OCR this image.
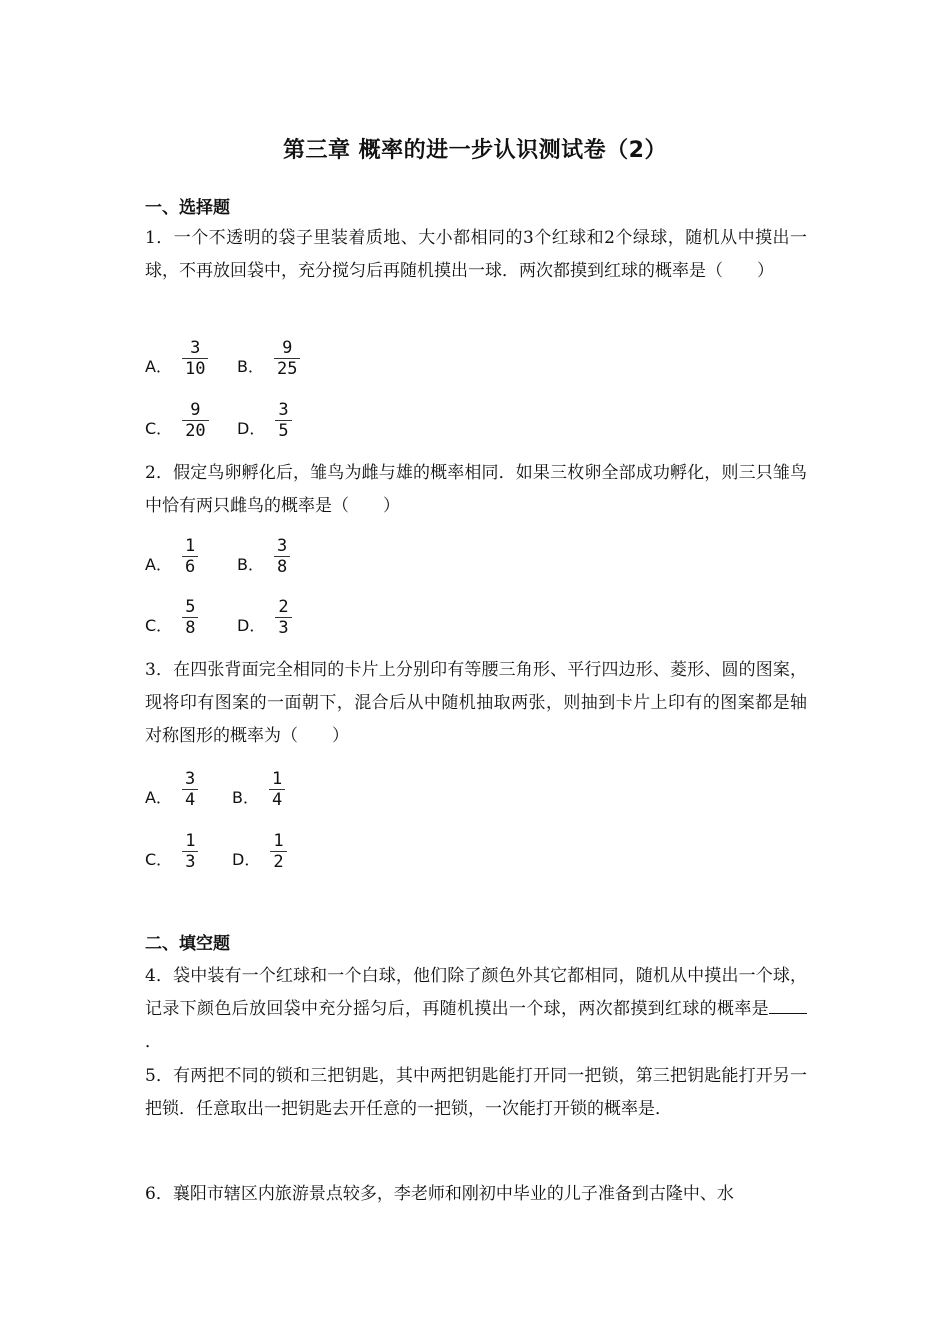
第三章 概率的进一步认识测试卷（2）
一、选择题
1．一个不透明的袋子里装着质地、大小都相同的3个红球和2个绿球，随机从中摸出一球，不再放回袋中，充分搅匀后再随机摸出一球．两次都摸到红球的概率是（　　）
A． $\frac{3}{10}$ B． $\frac{9}{25}$
C． $\frac{9}{20}$ D． $\frac{3}{5}$
2．假定鸟卵孵化后，雏鸟为雌与雄的概率相同．如果三枚卵全部成功孵化，则三只雏鸟中恰有两只雌鸟的概率是（　　）
A． $\frac{1}{6}$ B． $\frac{3}{8}$
C． $\frac{5}{8}$ D． $\frac{2}{3}$
3．在四张背面完全相同的卡片上分别印有等腰三角形、平行四边形、菱形、圆的图案，现将印有图案的一面朝下，混合后从中随机抽取两张，则抽到卡片上印有的图案都是轴对称图形的概率为（　　）
A． $\frac{3}{4}$ B． $\frac{1}{4}$
C． $\frac{1}{3}$ D． $\frac{1}{2}$
二、填空题
4．袋中装有一个红球和一个白球，他们除了颜色外其它都相同，随机从中摸出一个球，记录下颜色后放回袋中充分摇匀后，再随机摸出一个球，两次都摸到红球的概率是．
5．有两把不同的锁和三把钥匙，其中两把钥匙能打开同一把锁，第三把钥匙能打开另一把锁．任意取出一把钥匙去开任意的一把锁，一次能打开锁的概率是．
6．襄阳市辖区内旅游景点较多，李老师和刚初中毕业的儿子准备到古隆中、水
